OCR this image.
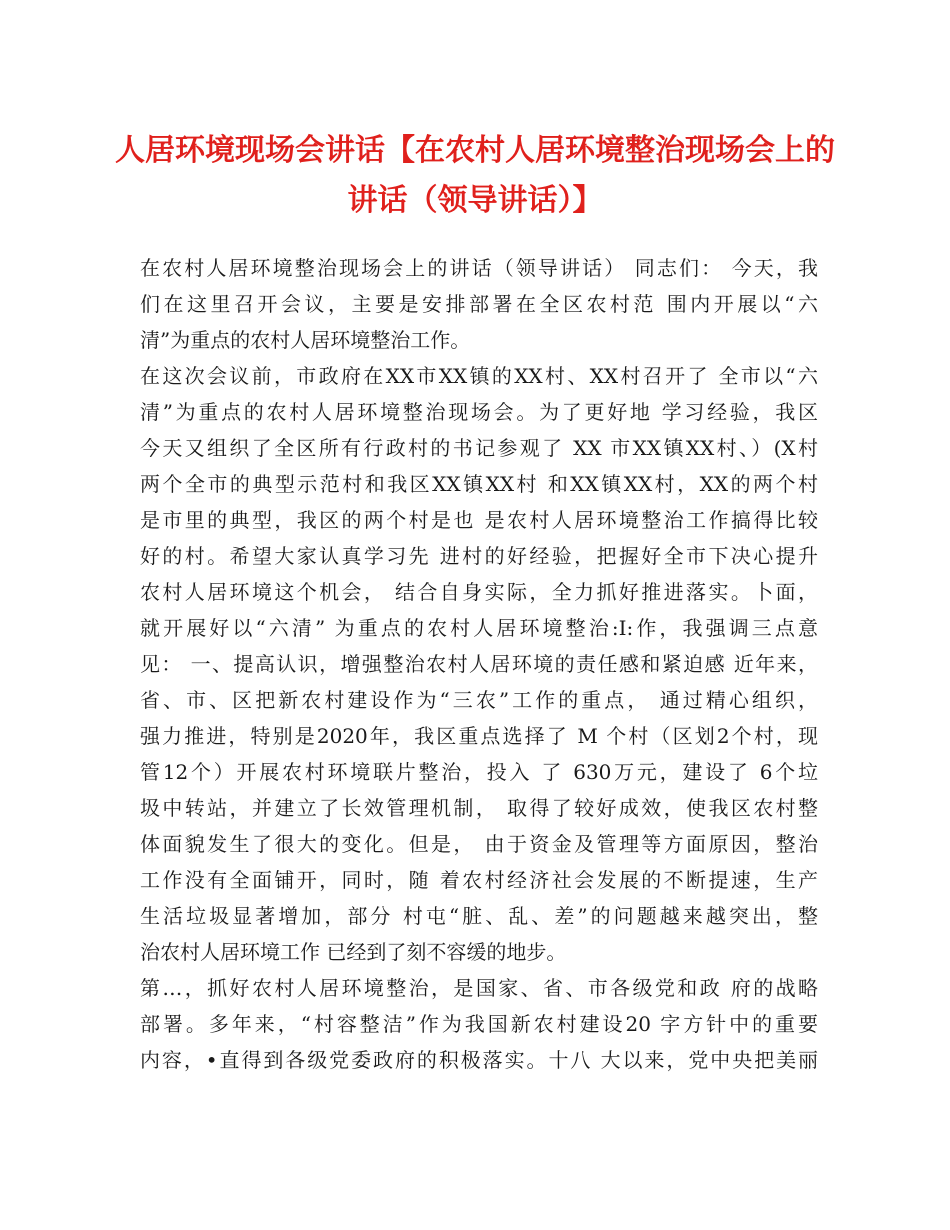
人居环境现场会讲话【在农村人居环境整治现场会上的
讲话（领导讲话）】
在农村人居环境整治现场会上的讲话（领导讲话） 同志们： 今天，我
们在这里召开会议，主要是安排部署在全区农村范 围内开展以“六
清”为重点的农村人居环境整治工作。
在这次会议前，市政府在XX市XX镇的XX村、XX村召开了 全市以“六
清”为重点的农村人居环境整治现场会。为了更好地 学习经验，我区
今天又组织了全区所有行政村的书记参观了 XX 市XX镇XX村、）(X村
两个全市的典型示范村和我区XX镇XX村 和XX镇XX村，XX的两个村
是市里的典型，我区的两个村是也 是农村人居环境整治工作搞得比较
好的村。希望大家认真学习先 进村的好经验，把握好全市下决心提升
农村人居环境这个机会， 结合自身实际，全力抓好推进落实。卜面，
就开展好以“六清” 为重点的农村人居环境整治:I:作，我强调三点意
见： 一、提高认识，增强整治农村人居环境的责任感和紧迫感 近年来，
省、市、区把新农村建设作为“三农”工作的重点， 通过精心组织，
强力推进，特别是2020年，我区重点选择了 M 个村（区划2个村，现
管12个）开展农村环境联片整治，投入 了 630万元，建设了 6个垃
圾中转站，并建立了长效管理机制， 取得了较好成效，使我区农村整
体面貌发生了很大的变化。但是， 由于资金及管理等方面原因，整治
工作没有全面铺开，同时，随 着农村经济社会发展的不断提速，生产
生活垃圾显著增加，部分 村屯“脏、乱、差”的问题越来越突出，整
治农村人居环境工作 已经到了刻不容缓的地步。
第…，抓好农村人居环境整治，是国家、省、市各级党和政 府的战略
部署。多年来，“村容整洁”作为我国新农村建设20 字方针中的重要
内容，•直得到各级党委政府的积极落实。十八 大以来，党中央把美丽
